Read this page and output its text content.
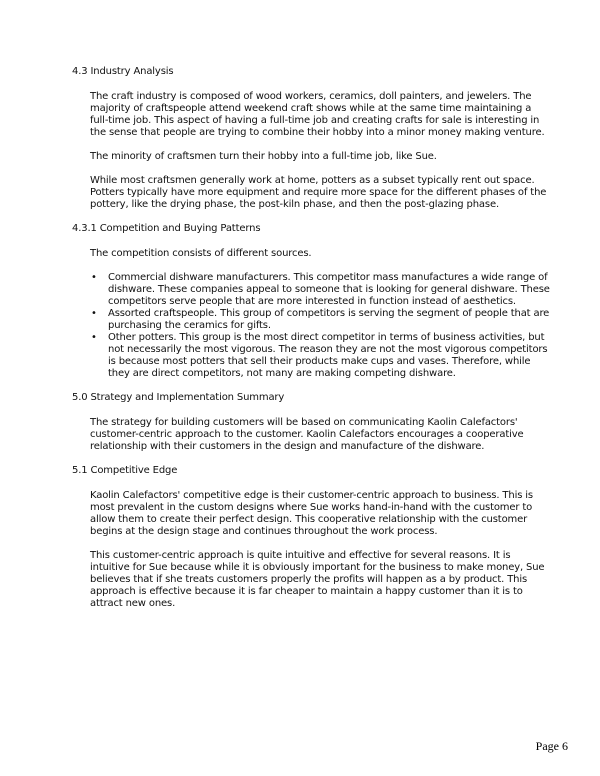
4.3 Industry Analysis

The craft industry is composed of wood workers, ceramics, doll painters, and jewelers. The majority of craftspeople attend weekend craft shows while at the same time maintaining a full-time job. This aspect of having a full-time job and creating crafts for sale is interesting in the sense that people are trying to combine their hobby into a minor money making venture.

The minority of craftsmen turn their hobby into a full-time job, like Sue.

While most craftsmen generally work at home, potters as a subset typically rent out space. Potters typically have more equipment and require more space for the different phases of the pottery, like the drying phase, the post-kiln phase, and then the post-glazing phase.

4.3.1 Competition and Buying Patterns

The competition consists of different sources.

• Commercial dishware manufacturers. This competitor mass manufactures a wide range of dishware. These companies appeal to someone that is looking for general dishware. These competitors serve people that are more interested in function instead of aesthetics.
• Assorted craftspeople. This group of competitors is serving the segment of people that are purchasing the ceramics for gifts.
• Other potters. This group is the most direct competitor in terms of business activities, but not necessarily the most vigorous. The reason they are not the most vigorous competitors is because most potters that sell their products make cups and vases. Therefore, while they are direct competitors, not many are making competing dishware.
5.0 Strategy and Implementation Summary

The strategy for building customers will be based on communicating Kaolin Calefactors' customer-centric approach to the customer. Kaolin Calefactors encourages a cooperative relationship with their customers in the design and manufacture of the dishware.

5.1 Competitive Edge

Kaolin Calefactors' competitive edge is their customer-centric approach to business. This is most prevalent in the custom designs where Sue works hand-in-hand with the customer to allow them to create their perfect design. This cooperative relationship with the customer begins at the design stage and continues throughout the work process.

This customer-centric approach is quite intuitive and effective for several reasons. It is intuitive for Sue because while it is obviously important for the business to make money, Sue believes that if she treats customers properly the profits will happen as a by product. This approach is effective because it is far cheaper to maintain a happy customer than it is to attract new ones.

Page 6
